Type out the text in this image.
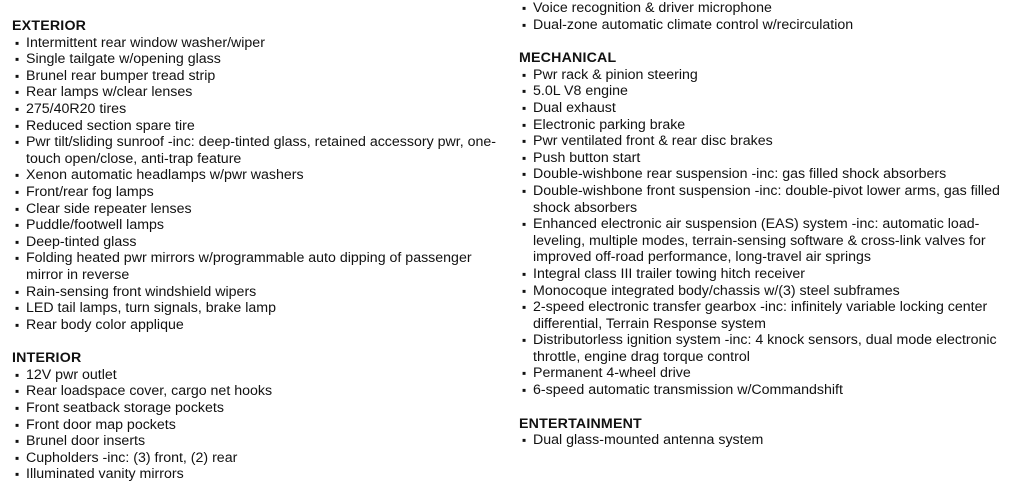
EXTERIOR
▪ Intermittent rear window washer/wiper
▪ Single tailgate w/opening glass
▪ Brunel rear bumper tread strip
▪ Rear lamps w/clear lenses
▪ 275/40R20 tires
▪ Reduced section spare tire
▪ Pwr tilt/sliding sunroof -inc: deep-tinted glass, retained accessory pwr, one-touch open/close, anti-trap feature
▪ Xenon automatic headlamps w/pwr washers
▪ Front/rear fog lamps
▪ Clear side repeater lenses
▪ Puddle/footwell lamps
▪ Deep-tinted glass
▪ Folding heated pwr mirrors w/programmable auto dipping of passenger mirror in reverse
▪ Rain-sensing front windshield wipers
▪ LED tail lamps, turn signals, brake lamp
▪ Rear body color applique
INTERIOR
▪ 12V pwr outlet
▪ Rear loadspace cover, cargo net hooks
▪ Front seatback storage pockets
▪ Front door map pockets
▪ Brunel door inserts
▪ Cupholders -inc: (3) front, (2) rear
▪ Illuminated vanity mirrors
▪ Voice recognition & driver microphone
▪ Dual-zone automatic climate control w/recirculation
MECHANICAL
▪ Pwr rack & pinion steering
▪ 5.0L V8 engine
▪ Dual exhaust
▪ Electronic parking brake
▪ Pwr ventilated front & rear disc brakes
▪ Push button start
▪ Double-wishbone rear suspension -inc: gas filled shock absorbers
▪ Double-wishbone front suspension -inc: double-pivot lower arms, gas filled shock absorbers
▪ Enhanced electronic air suspension (EAS) system -inc: automatic load-leveling, multiple modes, terrain-sensing software & cross-link valves for improved off-road performance, long-travel air springs
▪ Integral class III trailer towing hitch receiver
▪ Monocoque integrated body/chassis w/(3) steel subframes
▪ 2-speed electronic transfer gearbox -inc: infinitely variable locking center differential, Terrain Response system
▪ Distributorless ignition system -inc: 4 knock sensors, dual mode electronic throttle, engine drag torque control
▪ Permanent 4-wheel drive
▪ 6-speed automatic transmission w/Commandshift
ENTERTAINMENT
▪ Dual glass-mounted antenna system
